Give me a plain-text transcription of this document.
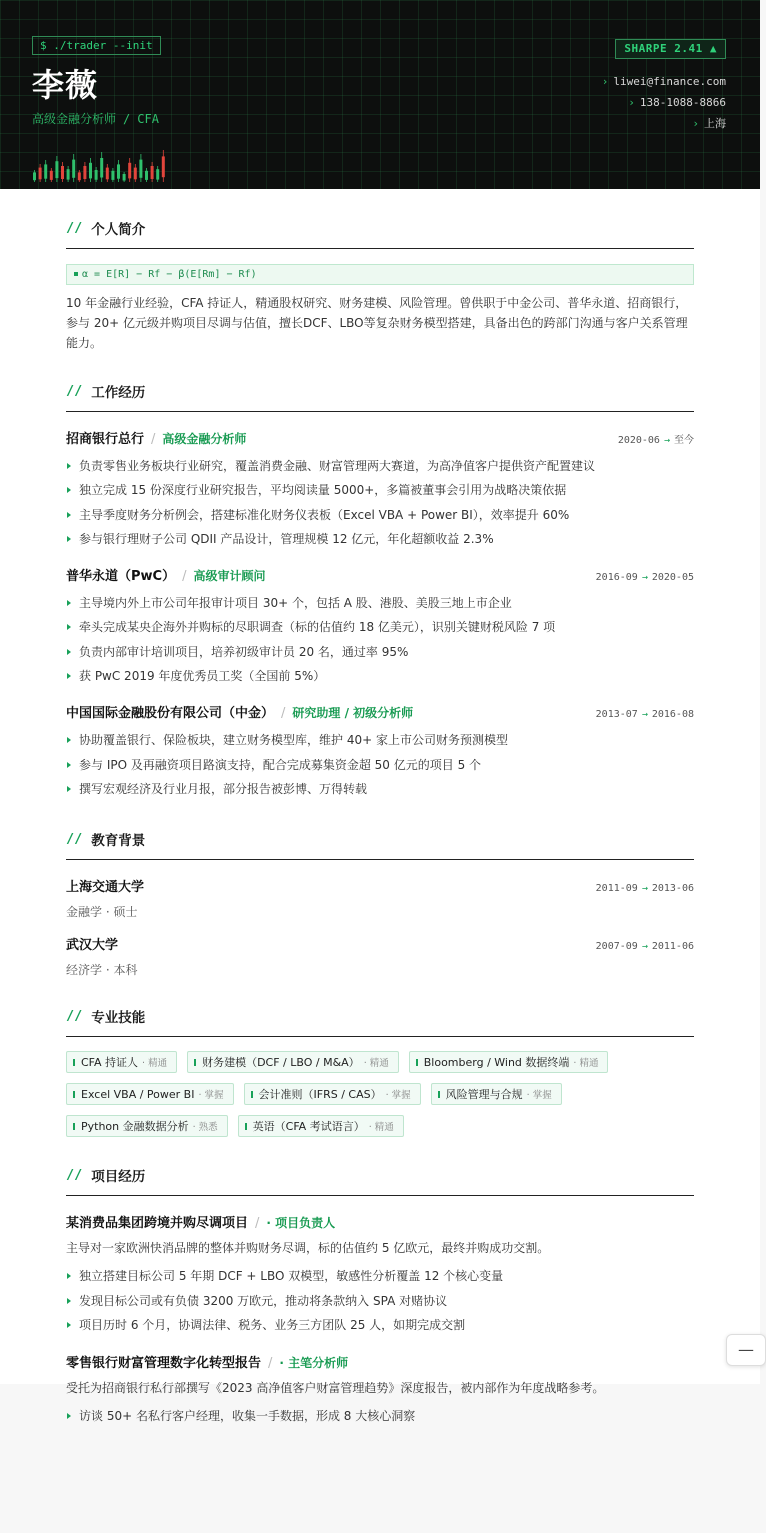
$ ./trader --init
李薇
高级金融分析师 / CFA
SHARPE 2.41 ▲
› liwei@finance.com
› 138-1088-8866
› 上海
// 个人简介
α = E[R] − Rf − β(E[Rm] − Rf)

10 年金融行业经验，CFA 持证人，精通股权研究、财务建模、风险管理。曾供职于中金公司、普华永道、招商银行，参与 20+ 亿元级并购项目尽调与估值，擅长DCF、LBO等复杂财务模型搭建，具备出色的跨部门沟通与客户关系管理能力。

// 工作经历
招商银行总行 / 高级金融分析师	2020-06 → 至今
负责零售业务板块行业研究，覆盖消费金融、财富管理两大赛道，为高净值客户提供资产配置建议
独立完成 15 份深度行业研究报告，平均阅读量 5000+，多篇被董事会引用为战略决策依据
主导季度财务分析例会，搭建标准化财务仪表板（Excel VBA + Power BI），效率提升 60%
参与银行理财子公司 QDII 产品设计，管理规模 12 亿元，年化超额收益 2.3%
普华永道（PwC） / 高级审计顾问	2016-09 → 2020-05
主导境内外上市公司年报审计项目 30+ 个，包括 A 股、港股、美股三地上市企业
牵头完成某央企海外并购标的尽职调查（标的估值约 18 亿美元），识别关键财税风险 7 项
负责内部审计培训项目，培养初级审计员 20 名，通过率 95%
获 PwC 2019 年度优秀员工奖（全国前 5%）
中国国际金融股份有限公司（中金） / 研究助理 / 初级分析师	2013-07 → 2016-08
协助覆盖银行、保险板块，建立财务模型库，维护 40+ 家上市公司财务预测模型
参与 IPO 及再融资项目路演支持，配合完成募集资金超 50 亿元的项目 5 个
撰写宏观经济及行业月报，部分报告被彭博、万得转载
// 教育背景
上海交通大学	2011-09 → 2013-06
金融学 · 硕士
武汉大学	2007-09 → 2011-06
经济学 · 本科
// 专业技能
CFA 持证人 · 精通	财务建模（DCF / LBO / M&A） · 精通	Bloomberg / Wind 数据终端 · 精通
Excel VBA / Power BI · 掌握	会计准则（IFRS / CAS） · 掌握	风险管理与合规 · 掌握
Python 金融数据分析 · 熟悉	英语（CFA 考试语言） · 精通
// 项目经历
某消费品集团跨境并购尽调项目 / · 项目负责人

主导对一家欧洲快消品牌的整体并购财务尽调，标的估值约 5 亿欧元，最终并购成功交割。

独立搭建目标公司 5 年期 DCF + LBO 双模型，敏感性分析覆盖 12 个核心变量
发现目标公司或有负债 3200 万欧元，推动将条款纳入 SPA 对赌协议
项目历时 6 个月，协调法律、税务、业务三方团队 25 人，如期完成交割
零售银行财富管理数字化转型报告 / · 主笔分析师

受托为招商银行私行部撰写《2023 高净值客户财富管理趋势》深度报告，被内部作为年度战略参考。

访谈 50+ 名私行客户经理，收集一手数据，形成 8 大核心洞察
—
